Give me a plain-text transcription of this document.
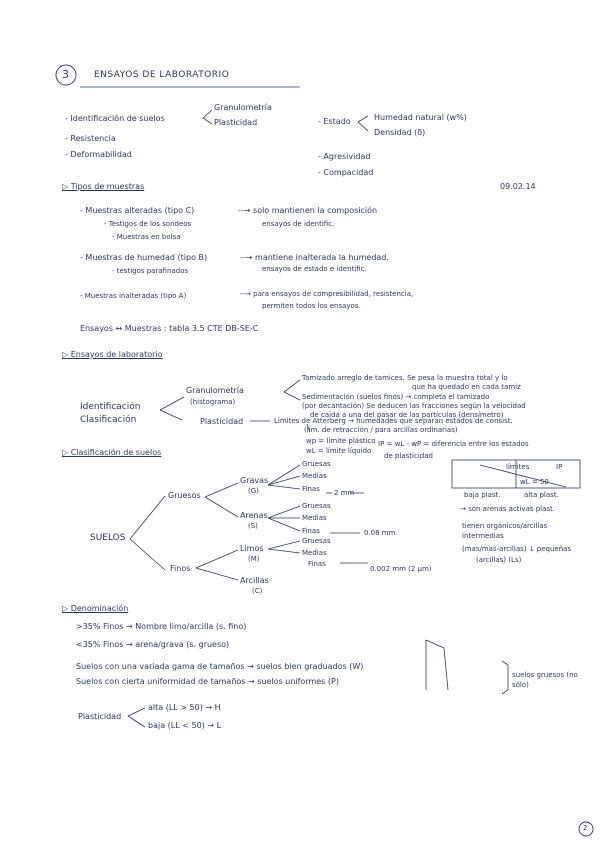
3	ENSAYOS DE LABORATORIO
- Identificación de suelos
Granulometría
Plasticidad
- Resistencia
- Deformabilidad
- Estado	Humedad natural (w%)
Densidad (δ)
- Agresividad
- Compacidad
▷ Tipos de muestras	09.02.14
- Muestras alteradas (tipo C)	--→ solo mantienen la composición
- Testigos de los sondeos	ensayos de identific.
- Muestras en bolsa
- Muestras de humedad (tipo B)	--→ mantiene inalterada la humedad.
- testigos parafinados	ensayos de estado e identific.
- Muestras inalteradas (tipo A)	--→ para ensayos de compresibilidad, resistencia,
permiten todos los ensayos.
Ensayos ↔ Muestras : tabla 3.5 CTE DB-SE-C
▷ Ensayos de laboratorio
Identificación
Clasificación
Granulometría
(histograma)
Tamizado arreglo de tamices. Se pesa la muestra total y lo
que ha quedado en cada tamiz
Sedimentación (suelos finos) → completa el tamizado
(por decantación) Se deducen las fracciones según la velocidad
de caída a una del pasar de las partículas (densímetro)
Plasticidad	Límites de Atterberg → humedades que separan estados de consist.
(lím. de retracción / para arcillas ordinarias)
wp = límite plástico
wL = límite líquido
IP = wL - wP = diferencia entre los estados
de plasticidad
▷ Clasificación de suelos
SUELOS
Gruesos
Finos
Gravas
(G)
Arenas
(S)
Limos
(M)
Arcillas
(C)
Gruesas
Medias
Finas
Gruesas
Medias
Finas
Gruesas
Medias
Finas
2 mm
0.08 mm
0.002 mm (2 µm)
límites
wL = 50
IP
baja plast.	alta plast.
→ son arenas activas plast.
tienen orgánicos/arcillas
intermedias
(mas/mas-arcillas) ↓ pequeñas
(arcillas) (Ls)
▷ Denominación
>35% Finos → Nombre limo/arcilla (s. fino)
<35% Finos → arena/grava (s. grueso)
Suelos con una variada gama de tamaños → suelos bien graduados (W)
Suelos con cierta uniformidad de tamaños → suelos uniformes (P)
suelos gruesos (no sólo)
Plasticidad
alta (LL > 50) → H
baja (LL < 50) → L
2
